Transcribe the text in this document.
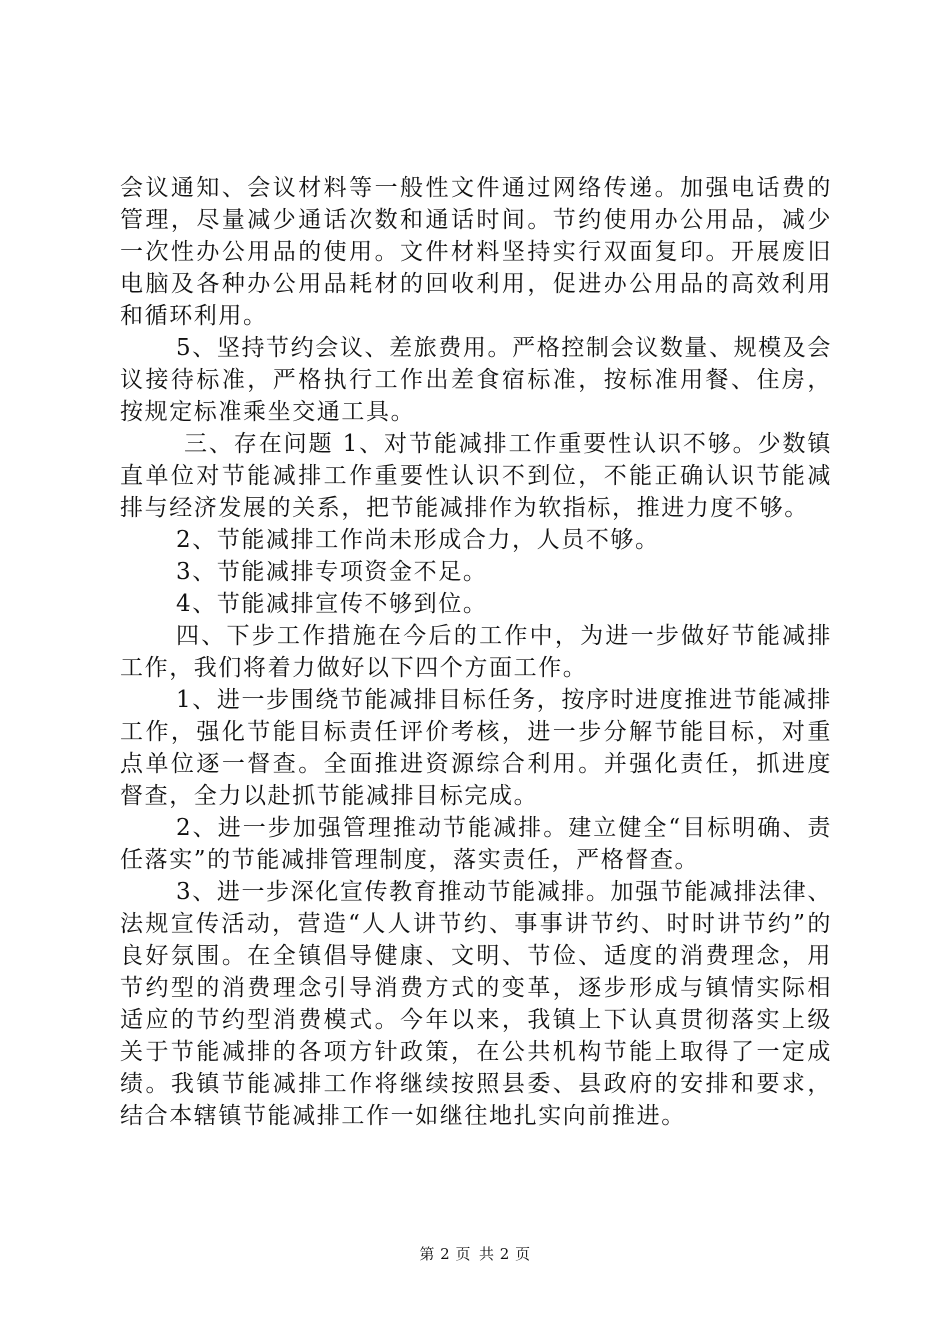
会议通知、会议材料等一般性文件通过网络传递。加强电话费的管理，尽量减少通话次数和通话时间。节约使用办公用品，减少一次性办公用品的使用。文件材料坚持实行双面复印。开展废旧电脑及各种办公用品耗材的回收利用，促进办公用品的高效利用和循环利用。

5、坚持节约会议、差旅费用。严格控制会议数量、规模及会议接待标准，严格执行工作出差食宿标准，按标准用餐、住房，按规定标准乘坐交通工具。

三、存在问题 1、对节能减排工作重要性认识不够。少数镇直单位对节能减排工作重要性认识不到位，不能正确认识节能减排与经济发展的关系，把节能减排作为软指标，推进力度不够。

2、节能减排工作尚未形成合力，人员不够。

3、节能减排专项资金不足。

4、节能减排宣传不够到位。

四、下步工作措施在今后的工作中，为进一步做好节能减排工作，我们将着力做好以下四个方面工作。

1、进一步围绕节能减排目标任务，按序时进度推进节能减排工作，强化节能目标责任评价考核，进一步分解节能目标，对重点单位逐一督查。全面推进资源综合利用。并强化责任，抓进度督查，全力以赴抓节能减排目标完成。

2、进一步加强管理推动节能减排。建立健全“目标明确、责任落实”的节能减排管理制度，落实责任，严格督查。

3、进一步深化宣传教育推动节能减排。加强节能减排法律、法规宣传活动，营造“人人讲节约、事事讲节约、时时讲节约”的良好氛围。在全镇倡导健康、文明、节俭、适度的消费理念，用节约型的消费理念引导消费方式的变革，逐步形成与镇情实际相适应的节约型消费模式。今年以来，我镇上下认真贯彻落实上级关于节能减排的各项方针政策，在公共机构节能上取得了一定成绩。我镇节能减排工作将继续按照县委、县政府的安排和要求，结合本辖镇节能减排工作一如继往地扎实向前推进。

第 2 页 共 2 页
